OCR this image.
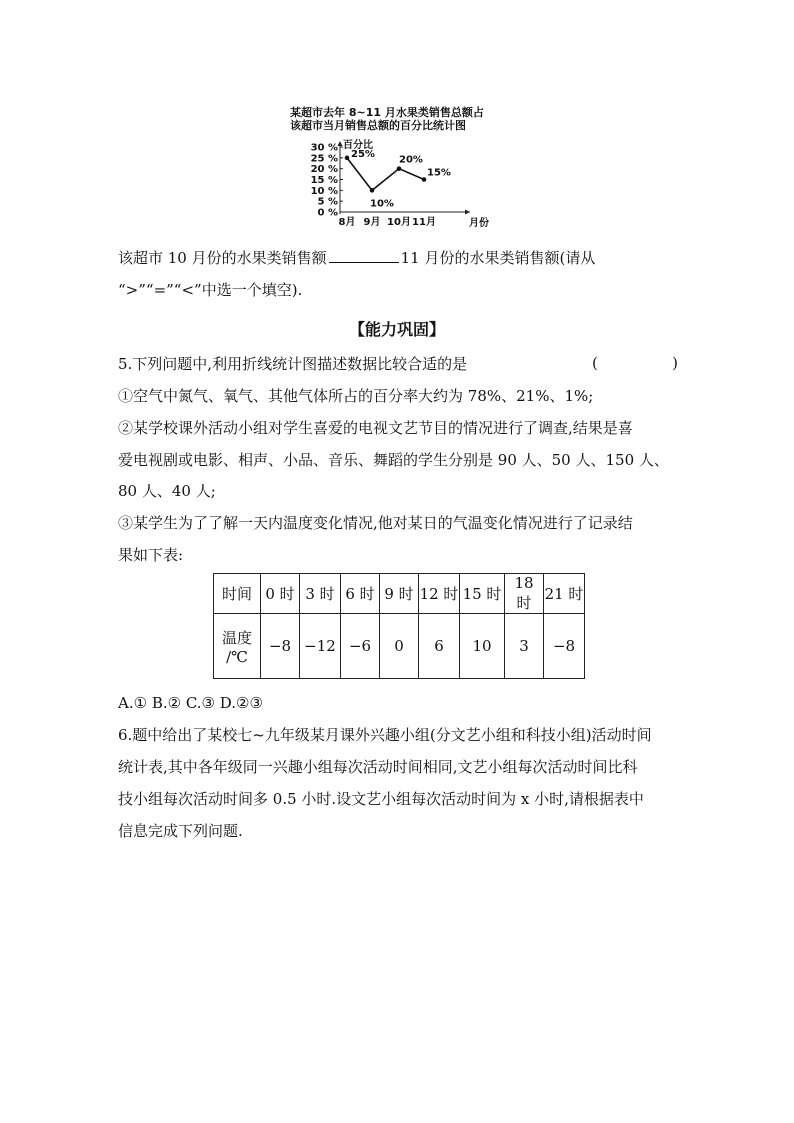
某超市去年 8~11 月水果类销售总额占
该超市当月销售总额的百分比统计图
30 %
25 %
20 %
15 %
10 %
5 %
0 %
百分比
8月 9月 10月 11月	月份
25%
10%
20%
15%
该超市 10 月份的水果类销售额	11 月份的水果类销售额(请从
“>”“=”“<”中选一个填空).
【能力巩固】
5.下列问题中,利用折线统计图描述数据比较合适的是	(	)
①空气中氮气、氧气、其他气体所占的百分率大约为 78%、21%、1%;
②某学校课外活动小组对学生喜爱的电视文艺节目的情况进行了调查,结果是喜
爱电视剧或电影、相声、小品、音乐、舞蹈的学生分别是 90 人、50 人、150 人、
80 人、40 人;
③某学生为了了解一天内温度变化情况,他对某日的气温变化情况进行了记录结
果如下表:
时间	0 时	3 时	6 时	9 时	12 时	15 时	18 时	21 时

温度
/℃	−8	−12	−6	0	6	10	3	−8
A.① B.② C.③ D.②③
6.题中给出了某校七~九年级某月课外兴趣小组(分文艺小组和科技小组)活动时间
统计表,其中各年级同一兴趣小组每次活动时间相同,文艺小组每次活动时间比科
技小组每次活动时间多 0.5 小时.设文艺小组每次活动时间为 x 小时,请根据表中
信息完成下列问题.
